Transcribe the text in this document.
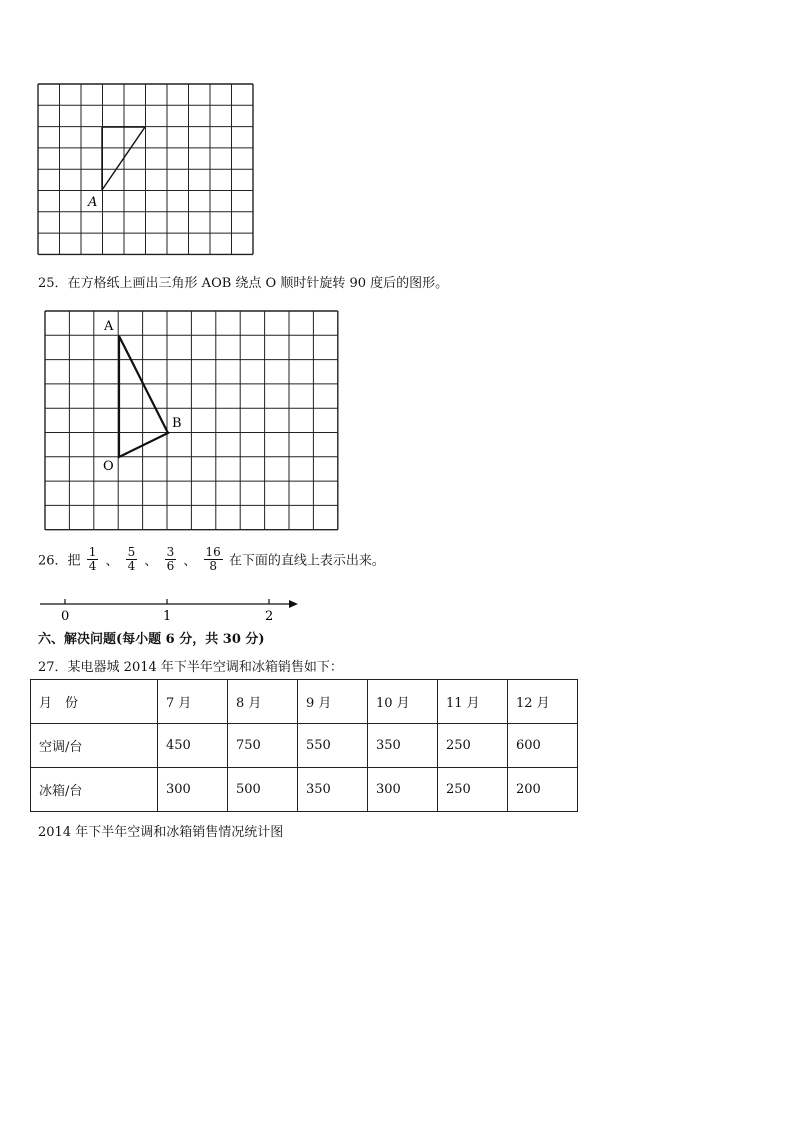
A
25．在方格纸上画出三角形 AOB 绕点 O 顺时针旋转 90 度后的图形。
A
B
O
26．把 $\frac{1}{4}$ 、 $\frac{5}{4}$ 、 $\frac{3}{6}$ 、 $\frac{16}{8}$ 在下面的直线上表示出来。
0	1	2
六、解决问题(每小题 6 分，共 30 分)
27．某电器城 2014 年下半年空调和冰箱销售如下：
月　份	7 月	8 月	9 月	10 月	11 月	12 月
空调/台	450	750	550	350	250	600
冰箱/台	300	500	350	300	250	200
2014 年下半年空调和冰箱销售情况统计图
